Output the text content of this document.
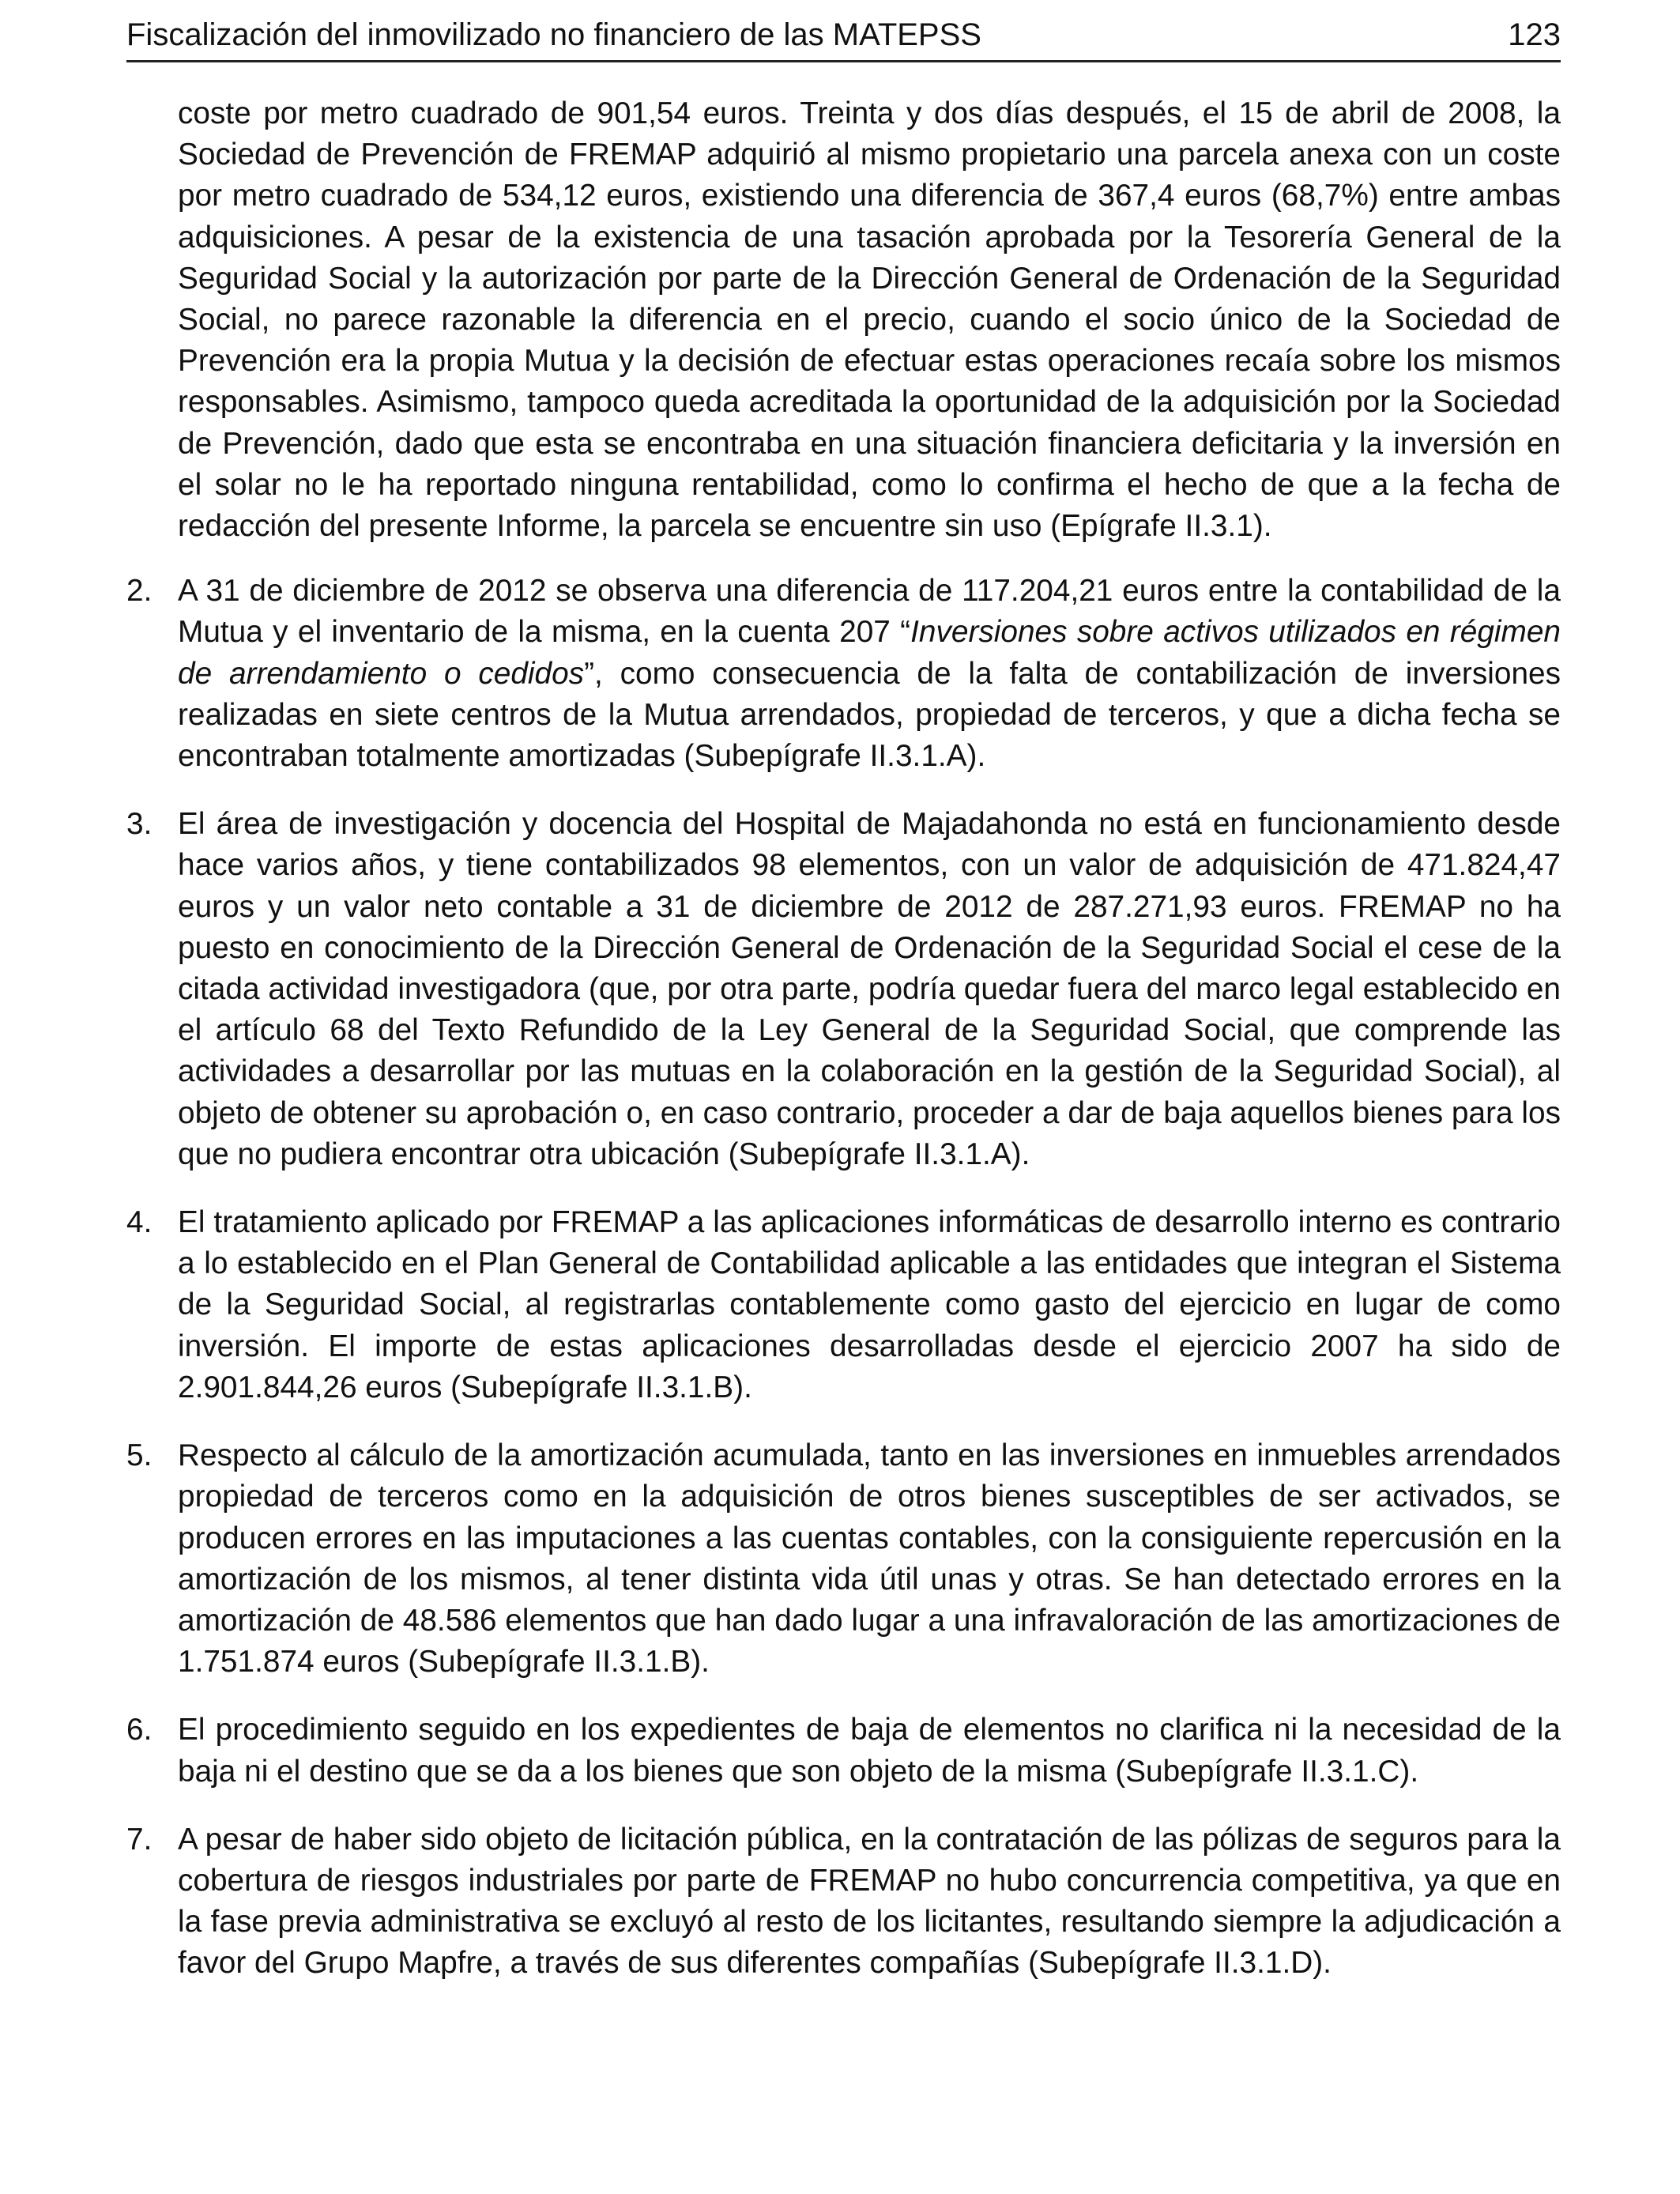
Fiscalización del inmovilizado no financiero de las MATEPSS	123

coste por metro cuadrado de 901,54 euros. Treinta y dos días después, el 15 de abril de 2008, la Sociedad de Prevención de FREMAP adquirió al mismo propietario una parcela anexa con un coste por metro cuadrado de 534,12 euros, existiendo una diferencia de 367,4 euros (68,7%) entre ambas adquisiciones. A pesar de la existencia de una tasación aprobada por la Tesorería General de la Seguridad Social y la autorización por parte de la Dirección General de Ordenación de la Seguridad Social, no parece razonable la diferencia en el precio, cuando el socio único de la Sociedad de Prevención era la propia Mutua y la decisión de efectuar estas operaciones recaía sobre los mismos responsables. Asimismo, tampoco queda acreditada la oportunidad de la adquisición por la Sociedad de Prevención, dado que esta se encontraba en una situación financiera deficitaria y la inversión en el solar no le ha reportado ninguna rentabilidad, como lo confirma el hecho de que a la fecha de redacción del presente Informe, la parcela se encuentre sin uso (Epígrafe II.3.1).

2. A 31 de diciembre de 2012 se observa una diferencia de 117.204,21 euros entre la contabilidad de la Mutua y el inventario de la misma, en la cuenta 207 “Inversiones sobre activos utilizados en régimen de arrendamiento o cedidos”, como consecuencia de la falta de contabilización de inversiones realizadas en siete centros de la Mutua arrendados, propiedad de terceros, y que a dicha fecha se encontraban totalmente amortizadas (Subepígrafe II.3.1.A).
3. El área de investigación y docencia del Hospital de Majadahonda no está en funcionamiento desde hace varios años, y tiene contabilizados 98 elementos, con un valor de adquisición de 471.824,47 euros y un valor neto contable a 31 de diciembre de 2012 de 287.271,93 euros. FREMAP no ha puesto en conocimiento de la Dirección General de Ordenación de la Seguridad Social el cese de la citada actividad investigadora (que, por otra parte, podría quedar fuera del marco legal establecido en el artículo 68 del Texto Refundido de la Ley General de la Seguridad Social, que comprende las actividades a desarrollar por las mutuas en la colaboración en la gestión de la Seguridad Social), al objeto de obtener su aprobación o, en caso contrario, proceder a dar de baja aquellos bienes para los que no pudiera encontrar otra ubicación (Subepígrafe II.3.1.A).
4. El tratamiento aplicado por FREMAP a las aplicaciones informáticas de desarrollo interno es contrario a lo establecido en el Plan General de Contabilidad aplicable a las entidades que integran el Sistema de la Seguridad Social, al registrarlas contablemente como gasto del ejercicio en lugar de como inversión. El importe de estas aplicaciones desarrolladas desde el ejercicio 2007 ha sido de 2.901.844,26 euros (Subepígrafe II.3.1.B).
5. Respecto al cálculo de la amortización acumulada, tanto en las inversiones en inmuebles arrendados propiedad de terceros como en la adquisición de otros bienes susceptibles de ser activados, se producen errores en las imputaciones a las cuentas contables, con la consiguiente repercusión en la amortización de los mismos, al tener distinta vida útil unas y otras. Se han detectado errores en la amortización de 48.586 elementos que han dado lugar a una infravaloración de las amortizaciones de 1.751.874 euros (Subepígrafe II.3.1.B).
6. El procedimiento seguido en los expedientes de baja de elementos no clarifica ni la necesidad de la baja ni el destino que se da a los bienes que son objeto de la misma (Subepígrafe II.3.1.C).
7. A pesar de haber sido objeto de licitación pública, en la contratación de las pólizas de seguros para la cobertura de riesgos industriales por parte de FREMAP no hubo concurrencia competitiva, ya que en la fase previa administrativa se excluyó al resto de los licitantes, resultando siempre la adjudicación a favor del Grupo Mapfre, a través de sus diferentes compañías (Subepígrafe II.3.1.D).
